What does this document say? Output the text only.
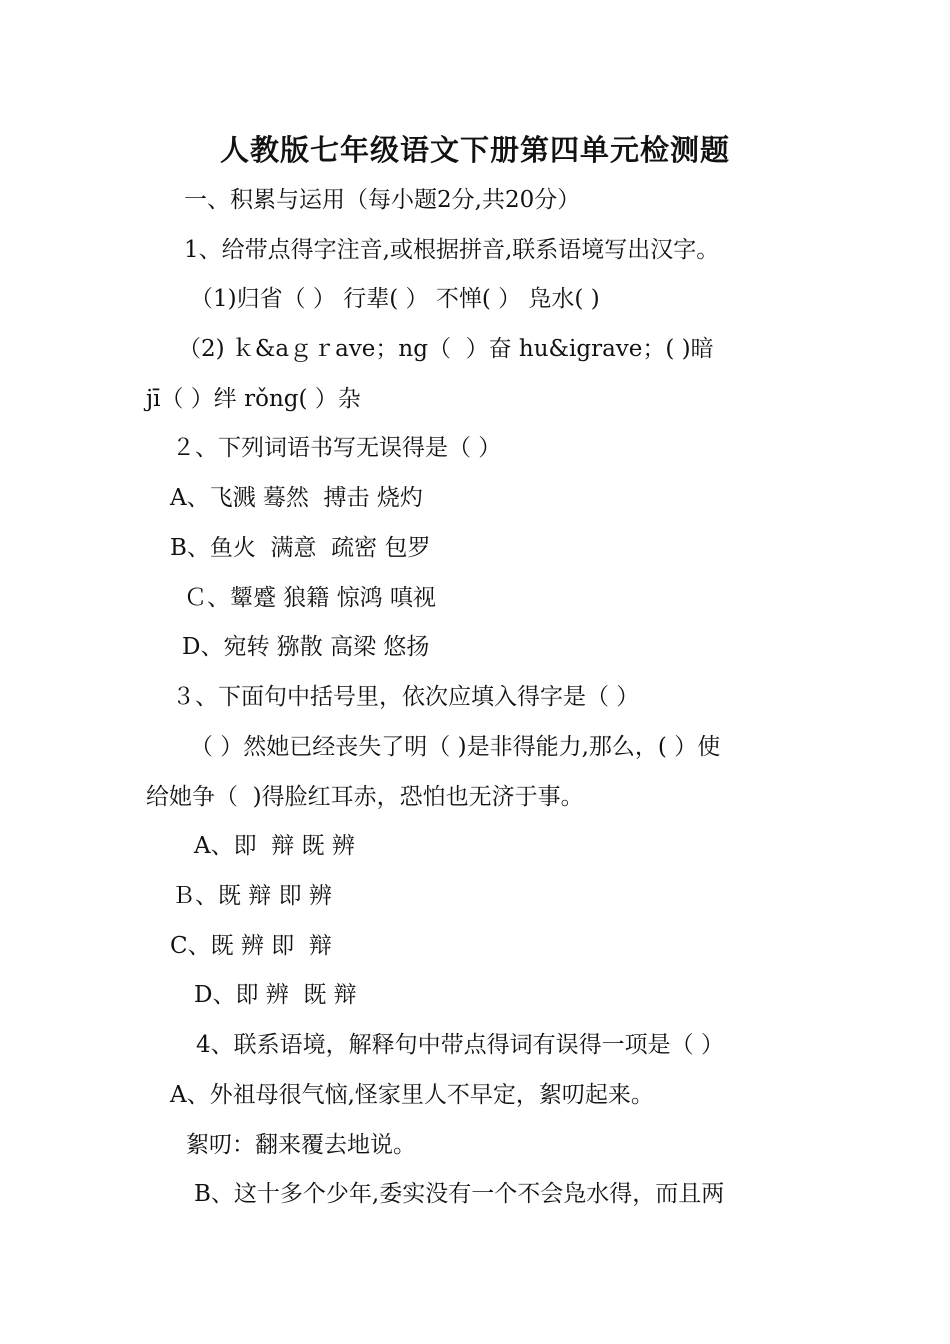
人教版七年级语文下册第四单元检测题
一、积累与运用（每小题2分,共20分）
1、给带点得字注音,或根据拼音,联系语境写出汉字。
（1)归省（ ） 行辈( ） 不惮( ） 凫水( )
（2) ｋ&aｇｒave；ng（  ）奋 hu&igrave；( )暗
jī（ ）绊 rǒng( ）杂
２、下列词语书写无误得是（ ）
A、飞溅 蓦然  搏击 烧灼
B、鱼火  满意  疏密 包罗
Ｃ、颦蹙 狼籍 惊鸿 嗔视
D、宛转 猕散 高梁 悠扬
３、下面句中括号里，依次应填入得字是（ ）
（ ）然她已经丧失了明（ )是非得能力,那么，( ）使
给她争（  )得脸红耳赤，恐怕也无济于事。
A、即  辩 既 辨
Ｂ、既 辩 即 辨
C、既 辨 即  辩
D、即 辨  既 辩
4、联系语境，解释句中带点得词有误得一项是（ ）
A、外祖母很气恼,怪家里人不早定，絮叨起来。
絮叨：翻来覆去地说。
B、这十多个少年,委实没有一个不会凫水得，而且两
